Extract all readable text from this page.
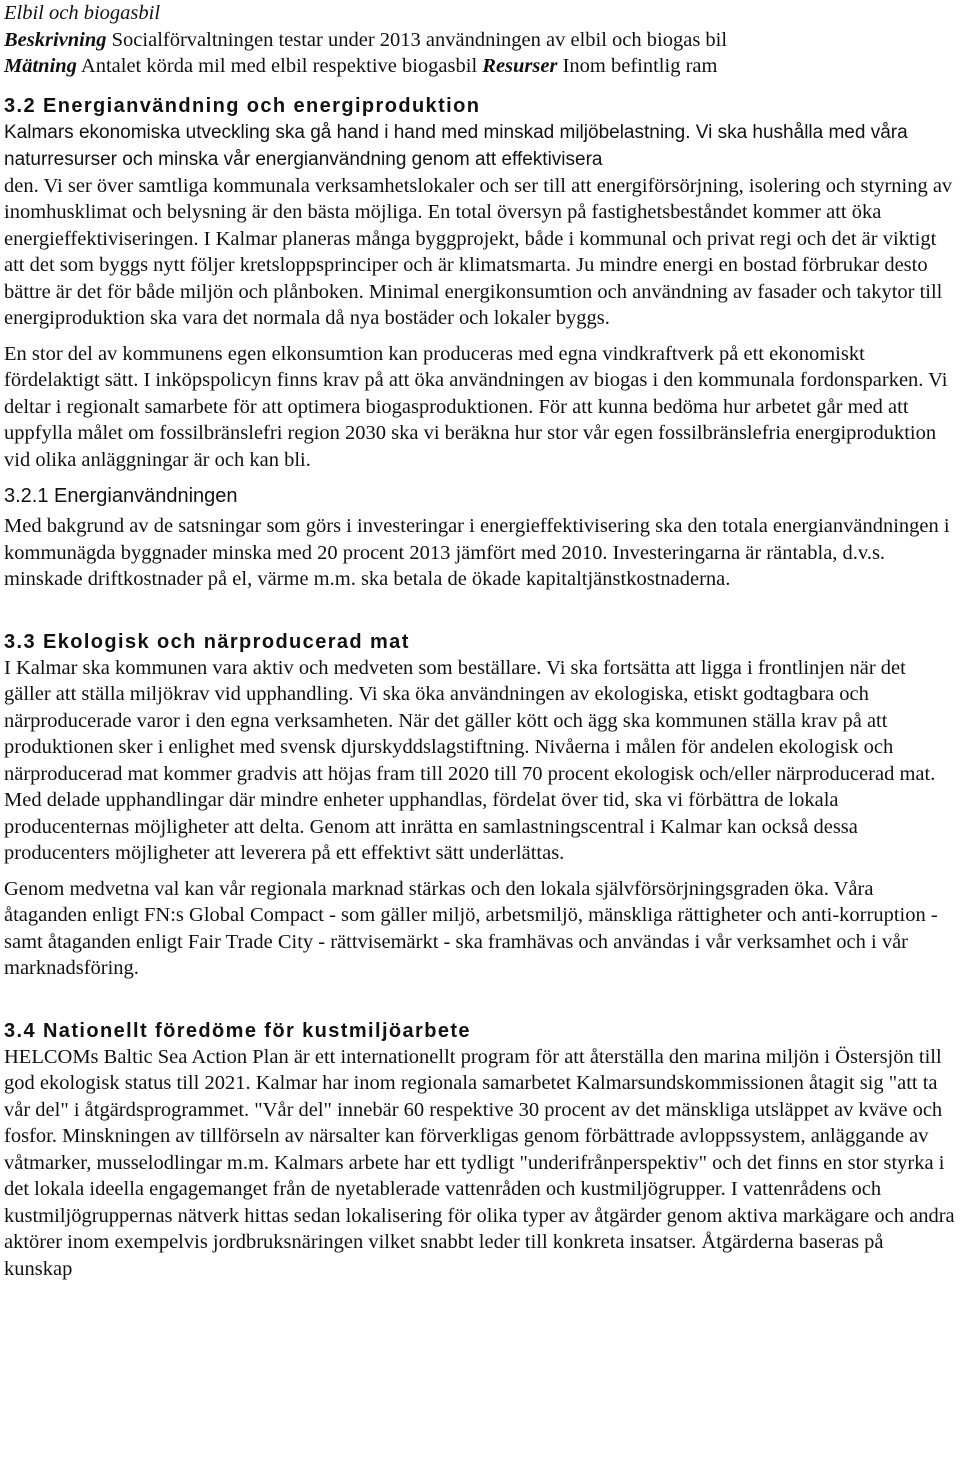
Elbil och biogasbil
Beskrivning Socialförvaltningen testar under 2013 användningen av elbil och biogas bil
Mätning Antalet körda mil med elbil respektive biogasbil Resurser Inom befintlig ram
3.2 Energianvändning och energiproduktion

Kalmars ekonomiska utveckling ska gå hand i hand med minskad miljöbelastning. Vi ska hushålla med våra naturresurser och minska vår energianvändning genom att effektivisera

den. Vi ser över samtliga kommunala verksamhetslokaler och ser till att energiförsörjning, isolering och styrning av inomhusklimat och belysning är den bästa möjliga. En total översyn på fastighetsbeståndet kommer att öka energieffektiviseringen. I Kalmar planeras många byggprojekt, både i kommunal och privat regi och det är viktigt att det som byggs nytt följer kretsloppsprinciper och är klimatsmarta. Ju mindre energi en bostad förbrukar desto bättre är det för både miljön och plånboken. Minimal energikonsumtion och användning av fasader och takytor till energiproduktion ska vara det normala då nya bostäder och lokaler byggs.

En stor del av kommunens egen elkonsumtion kan produceras med egna vindkraftverk på ett ekonomiskt fördelaktigt sätt. I inköpspolicyn finns krav på att öka användningen av biogas i den kommunala fordonsparken. Vi deltar i regionalt samarbete för att optimera biogasproduktionen. För att kunna bedöma hur arbetet går med att uppfylla målet om fossilbränslefri region 2030 ska vi beräkna hur stor vår egen fossilbränslefria energiproduktion vid olika anläggningar är och kan bli.

3.2.1 Energianvändningen

Med bakgrund av de satsningar som görs i investeringar i energieffektivisering ska den totala energianvändningen i kommunägda byggnader minska med 20 procent 2013 jämfört med 2010. Investeringarna är räntabla, d.v.s. minskade driftkostnader på el, värme m.m. ska betala de ökade kapitaltjänstkostnaderna.

3.3 Ekologisk och närproducerad mat

I Kalmar ska kommunen vara aktiv och medveten som beställare. Vi ska fortsätta att ligga i frontlinjen när det gäller att ställa miljökrav vid upphandling. Vi ska öka användningen av ekologiska, etiskt godtagbara och närproducerade varor i den egna verksamheten. När det gäller kött och ägg ska kommunen ställa krav på att produktionen sker i enlighet med svensk djurskyddslagstiftning. Nivåerna i målen för andelen ekologisk och närproducerad mat kommer gradvis att höjas fram till 2020 till 70 procent ekologisk och/eller närproducerad mat. Med delade upphandlingar där mindre enheter upphandlas, fördelat över tid, ska vi förbättra de lokala producenternas möjligheter att delta. Genom att inrätta en samlastningscentral i Kalmar kan också dessa producenters möjligheter att leverera på ett effektivt sätt underlättas.

Genom medvetna val kan vår regionala marknad stärkas och den lokala självförsörjningsgraden öka. Våra åtaganden enligt FN:s Global Compact - som gäller miljö, arbetsmiljö, mänskliga rättigheter och anti-korruption - samt åtaganden enligt Fair Trade City - rättvisemärkt - ska framhävas och användas i vår verksamhet och i vår marknadsföring.

3.4 Nationellt föredöme för kustmiljöarbete

HELCOMs Baltic Sea Action Plan är ett internationellt program för att återställa den marina miljön i Östersjön till god ekologisk status till 2021. Kalmar har inom regionala samarbetet Kalmarsundskommissionen åtagit sig "att ta vår del" i åtgärdsprogrammet. "Vår del" innebär 60 respektive 30 procent av det mänskliga utsläppet av kväve och fosfor. Minskningen av tillförseln av närsalter kan förverkligas genom förbättrade avloppssystem, anläggande av våtmarker, musselodlingar m.m. Kalmars arbete har ett tydligt "underifrånperspektiv" och det finns en stor styrka i det lokala ideella engagemanget från de nyetablerade vattenråden och kustmiljögrupper. I vattenrådens och kustmiljögruppernas nätverk hittas sedan lokalisering för olika typer av åtgärder genom aktiva markägare och andra aktörer inom exempelvis jordbruksnäringen vilket snabbt leder till konkreta insatser. Åtgärderna baseras på kunskap
